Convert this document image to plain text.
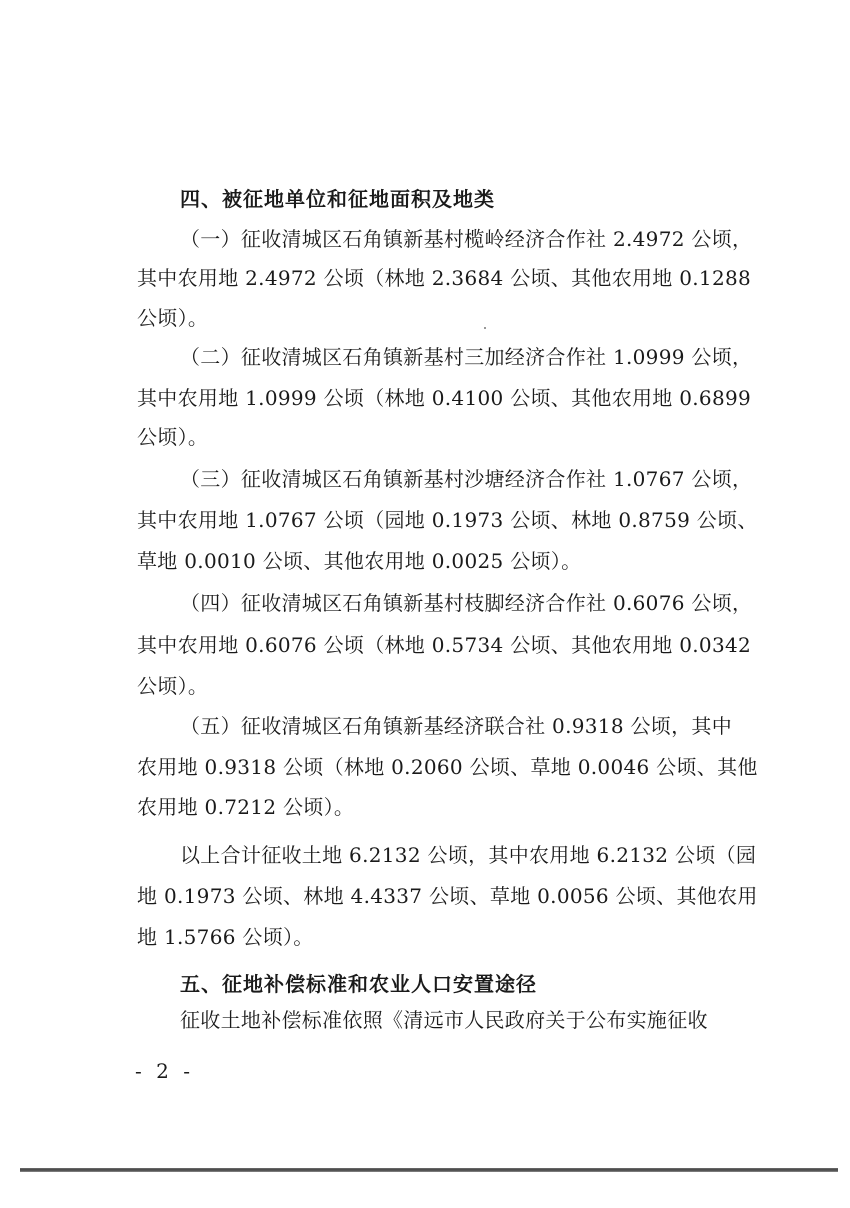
四、被征地单位和征地面积及地类
（一）征收清城区石角镇新基村榄岭经济合作社 2.4972 公顷，
其中农用地 2.4972 公顷（林地 2.3684 公顷、其他农用地 0.1288
公顷）。
（二）征收清城区石角镇新基村三加经济合作社 1.0999 公顷，
其中农用地 1.0999 公顷（林地 0.4100 公顷、其他农用地 0.6899
公顷）。
（三）征收清城区石角镇新基村沙塘经济合作社 1.0767 公顷，
其中农用地 1.0767 公顷（园地 0.1973 公顷、林地 0.8759 公顷、
草地 0.0010 公顷、其他农用地 0.0025 公顷）。
（四）征收清城区石角镇新基村枝脚经济合作社 0.6076 公顷，
其中农用地 0.6076 公顷（林地 0.5734 公顷、其他农用地 0.0342
公顷）。
（五）征收清城区石角镇新基经济联合社 0.9318 公顷，其中
农用地 0.9318 公顷（林地 0.2060 公顷、草地 0.0046 公顷、其他
农用地 0.7212 公顷）。
以上合计征收土地 6.2132 公顷，其中农用地 6.2132 公顷（园
地 0.1973 公顷、林地 4.4337 公顷、草地 0.0056 公顷、其他农用
地 1.5766 公顷）。
五、征地补偿标准和农业人口安置途径
征收土地补偿标准依照《清远市人民政府关于公布实施征收
- 2 -
